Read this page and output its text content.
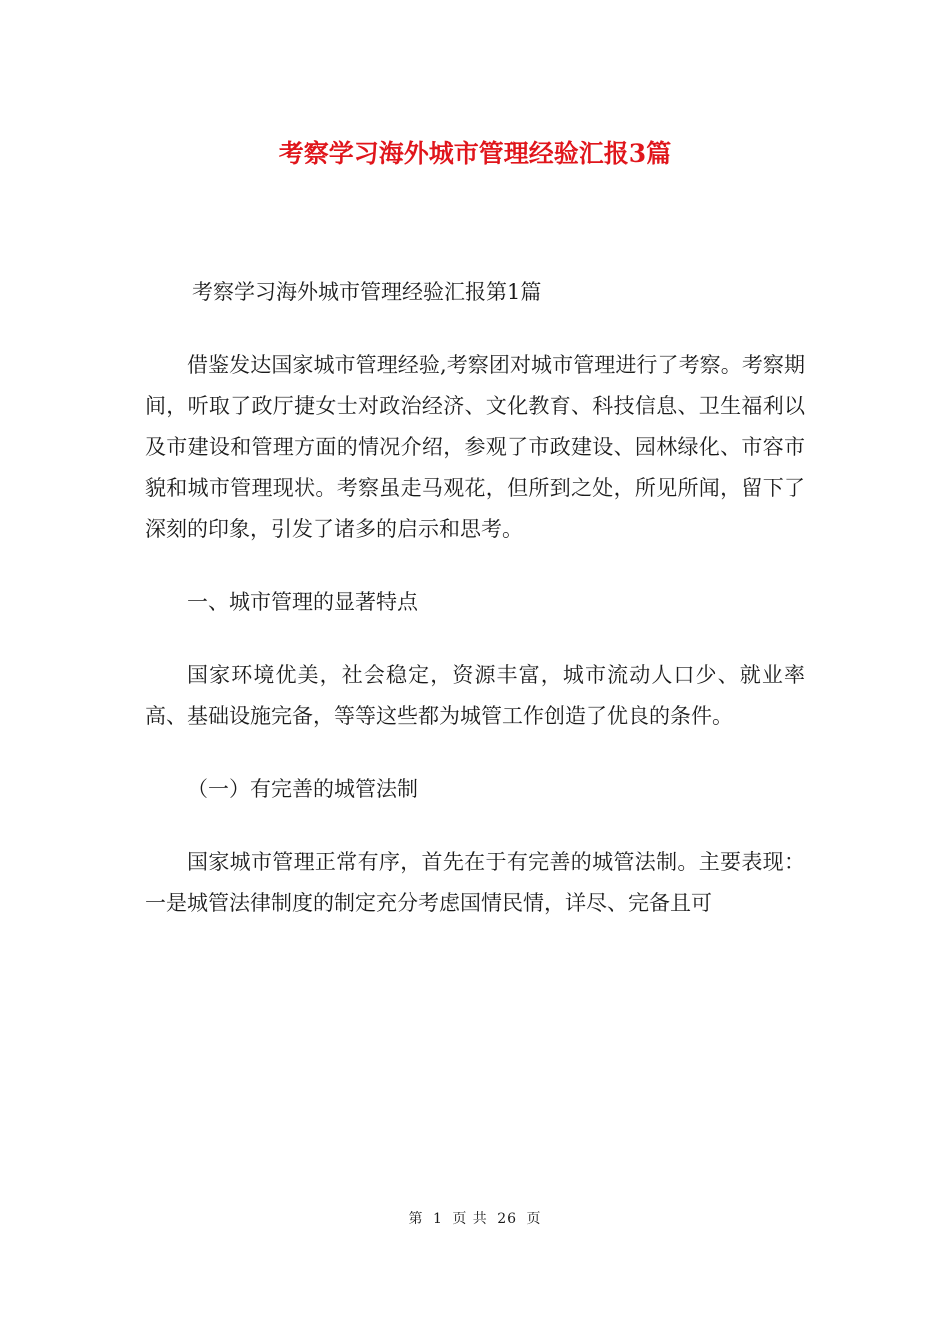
考察学习海外城市管理经验汇报3篇

考察学习海外城市管理经验汇报第1篇

借鉴发达国家城市管理经验,考察团对城市管理进行了考察。考察期间，听取了政厅捷女士对政治经济、文化教育、科技信息、卫生福利以及市建设和管理方面的情况介绍，参观了市政建设、园林绿化、市容市貌和城市管理现状。考察虽走马观花，但所到之处，所见所闻，留下了深刻的印象，引发了诸多的启示和思考。

一、城市管理的显著特点

国家环境优美，社会稳定，资源丰富，城市流动人口少、就业率高、基础设施完备，等等这些都为城管工作创造了优良的条件。

（一）有完善的城管法制

国家城市管理正常有序，首先在于有完善的城管法制。主要表现：一是城管法律制度的制定充分考虑国情民情，详尽、完备且可

第 1 页 共 26 页
